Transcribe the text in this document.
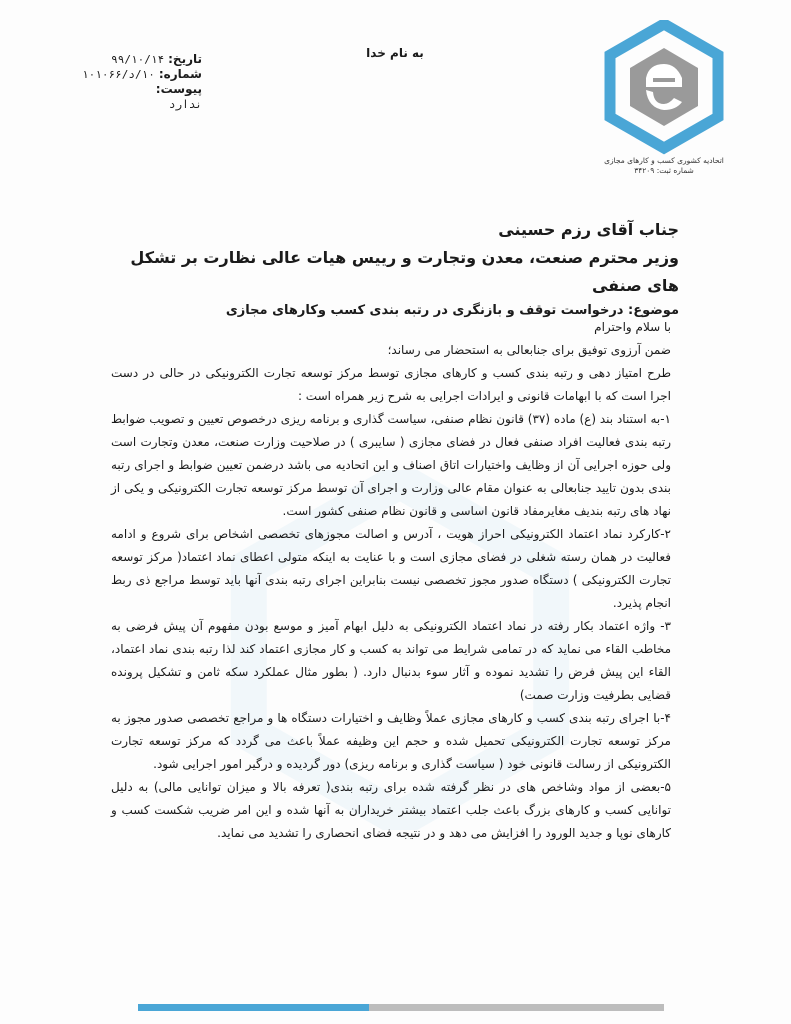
تاریخ:
۹۹/۱۰/۱۴
شماره:
۱۰/د/۱۰۱۰۶۶
پیوست:
ندارد
به نام خدا
اتحادیه کشوری کسب و کارهای مجازی
شماره ثبت: ۳۴۲۰۹
جناب آقای رزم حسینی
وزیر محترم صنعت، معدن وتجارت و رییس هیات عالی نظارت بر تشکل های صنفی
موضوع: درخواست توقف و بازنگری در رتبه بندی کسب وکارهای مجازی

با سلام واحترام

ضمن آرزوی توفیق برای جنابعالی به استحضار می رساند؛

طرح امتیاز دهی و رتبه بندی کسب و کارهای مجازی توسط مرکز توسعه تجارت الکترونیکی در حالی در دست اجرا است که با ابهامات قانونی و ایرادات اجرایی به شرح زیر همراه است :

۱-به استناد بند (ع) ماده (۳۷) قانون نظام صنفی، سیاست گذاری و برنامه ریزی درخصوص تعیین و تصویب ضوابط رتبه بندی فعالیت افراد صنفی فعال در فضای مجازی ( سایبری ) در صلاحیت وزارت صنعت، معدن وتجارت است ولی حوزه اجرایی آن از وظایف واختیارات اتاق اصناف و این اتحادیه می باشد درضمن تعیین ضوابط و اجرای رتبه بندی بدون تایید جنابعالی به عنوان مقام عالی وزارت و اجرای آن توسط مرکز توسعه تجارت الکترونیکی و یکی از نهاد های رتبه بندیف مغایرمفاد قانون اساسی و قانون نظام صنفی کشور است.

۲-کارکرد نماد اعتماد الکترونیکی احراز هویت ، آدرس و اصالت مجوزهای تخصصی اشخاص برای شروع و ادامه فعالیت در همان رسته شغلی در فضای مجازی است و با عنایت به اینکه متولی اعطای نماد اعتماد( مرکز توسعه تجارت الکترونیکی ) دستگاه صدور مجوز تخصصی نیست بنابراین اجرای رتبه بندی آنها باید توسط مراجع ذی ربط انجام پذیرد.

۳- واژه اعتماد بکار رفته در نماد اعتماد الکترونیکی به دلیل ابهام آمیز و موسع بودن مفهوم آن پیش فرضی به مخاطب القاء می نماید که در تمامی شرایط می تواند به کسب و کار مجازی اعتماد کند لذا رتبه بندی نماد اعتماد، القاء این پیش فرض را تشدید نموده و آثار سوء بدنبال دارد. ( بطور مثال عملکرد سکه ثامن و تشکیل پرونده قضایی بطرفیت وزارت صمت)

۴-با اجرای رتبه بندی کسب و کارهای مجازی عملاً وظایف و اختیارات دستگاه ها و مراجع تخصصی صدور مجوز به مرکز توسعه تجارت الکترونیکی تحمیل شده و حجم این وظیفه عملاً باعث می گردد که مرکز توسعه تجارت الکترونیکی از رسالت قانونی خود ( سیاست گذاری و برنامه ریزی) دور گردیده و درگیر امور اجرایی شود.

۵-بعضی از مواد وشاخص های در نظر گرفته شده برای رتبه بندی( تعرفه بالا و میزان توانایی مالی) به دلیل توانایی کسب و کارهای بزرگ باعث جلب اعتماد بیشتر خریداران به آنها شده و این امر ضریب شکست کسب و کارهای نوپا و جدید الورود را افزایش می دهد و در نتیجه فضای انحصاری را تشدید می نماید.
